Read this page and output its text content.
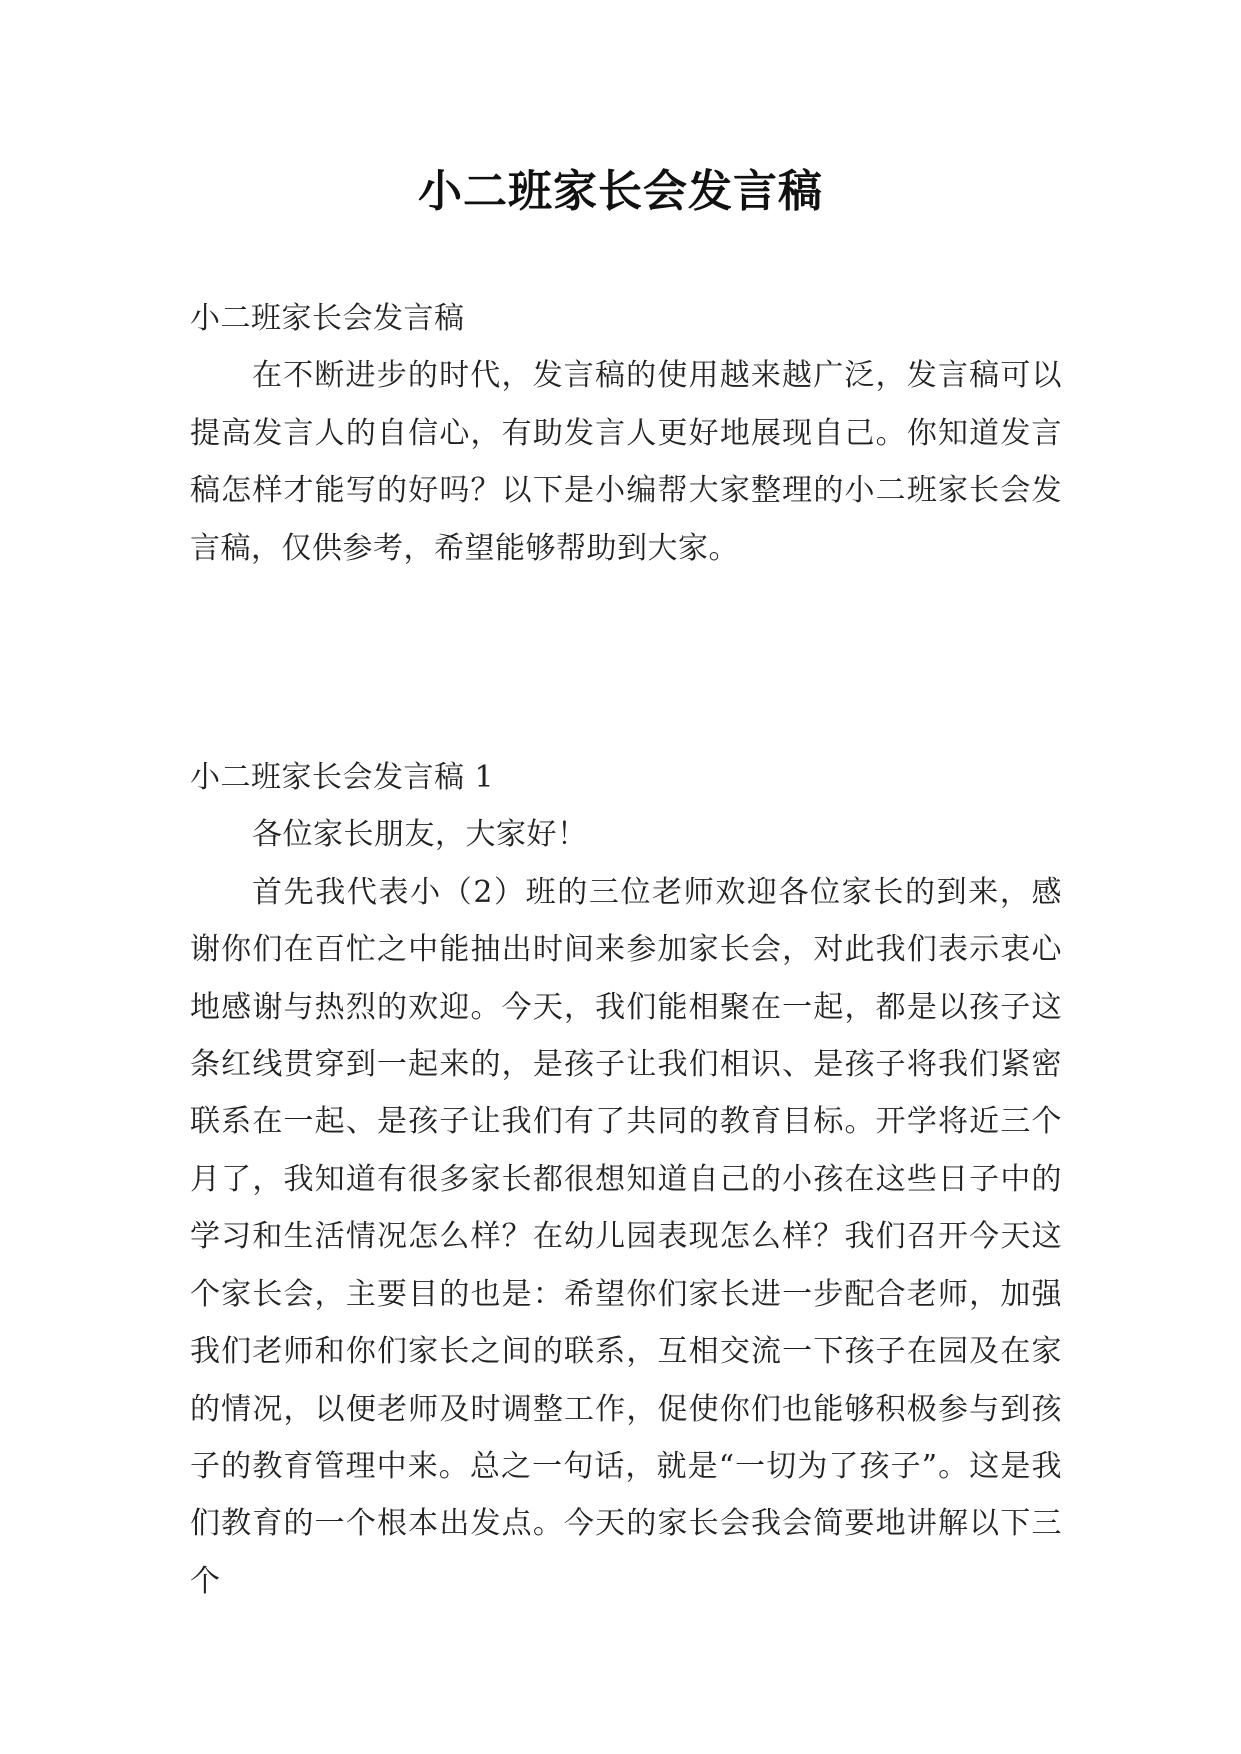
小二班家长会发言稿

小二班家长会发言稿

在不断进步的时代，发言稿的使用越来越广泛，发言稿可以提高发言人的自信心，有助发言人更好地展现自己。你知道发言稿怎样才能写的好吗？以下是小编帮大家整理的小二班家长会发言稿，仅供参考，希望能够帮助到大家。

小二班家长会发言稿 1

各位家长朋友，大家好！

首先我代表小（2）班的三位老师欢迎各位家长的到来，感谢你们在百忙之中能抽出时间来参加家长会，对此我们表示衷心地感谢与热烈的欢迎。今天，我们能相聚在一起，都是以孩子这条红线贯穿到一起来的，是孩子让我们相识、是孩子将我们紧密联系在一起、是孩子让我们有了共同的教育目标。开学将近三个月了，我知道有很多家长都很想知道自己的小孩在这些日子中的学习和生活情况怎么样？在幼儿园表现怎么样？我们召开今天这个家长会，主要目的也是：希望你们家长进一步配合老师，加强我们老师和你们家长之间的联系，互相交流一下孩子在园及在家的情况，以便老师及时调整工作，促使你们也能够积极参与到孩子的教育管理中来。总之一句话，就是“一切为了孩子”。这是我们教育的一个根本出发点。今天的家长会我会简要地讲解以下三个
